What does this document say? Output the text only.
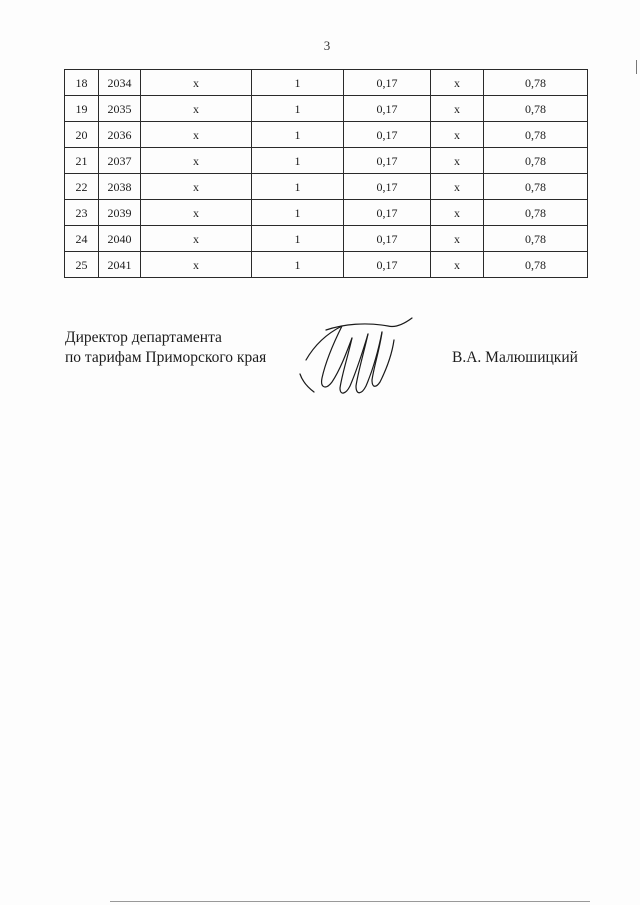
3
18	2034	x	1	0,17	x	0,78
19	2035	x	1	0,17	x	0,78
20	2036	x	1	0,17	x	0,78
21	2037	x	1	0,17	x	0,78
22	2038	x	1	0,17	x	0,78
23	2039	x	1	0,17	x	0,78
24	2040	x	1	0,17	x	0,78
25	2041	x	1	0,17	x	0,78
Директор департамента
по тарифам Приморского края	В.А. Малюшицкий
